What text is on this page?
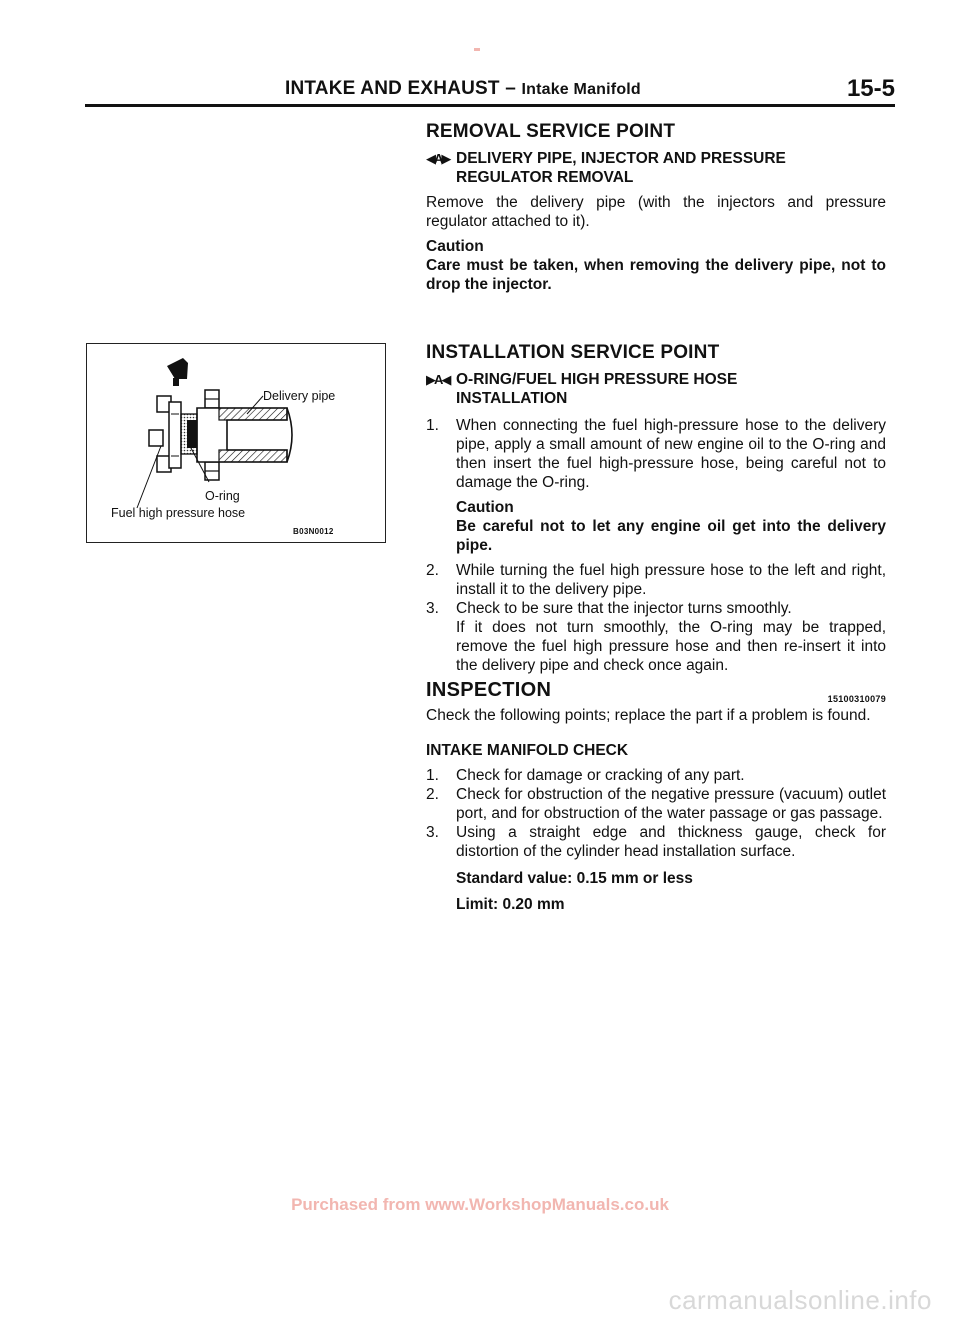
INTAKE AND EXHAUST – Intake Manifold	15-5
REMOVAL SERVICE POINT
◀A▶ DELIVERY PIPE, INJECTOR AND PRESSURE
REGULATOR REMOVAL
Remove the delivery pipe (with the injectors and pressure regulator attached to it).
Caution
Care must be taken, when removing the delivery pipe, not to drop the injector.
Delivery pipe
O-ring
Fuel high pressure hose
B03N0012
INSTALLATION SERVICE POINT
▶A◀ O-RING/FUEL HIGH PRESSURE HOSE
INSTALLATION
1.	When connecting the fuel high-pressure hose to the delivery pipe, apply a small amount of new engine oil to the O-ring and then insert the fuel high-pressure hose, being careful not to damage the O-ring.
Caution
Be careful not to let any engine oil get into the delivery pipe.
2.	While turning the fuel high pressure hose to the left and right, install it to the delivery pipe.
3.	Check to be sure that the injector turns smoothly.
If it does not turn smoothly, the O-ring may be trapped, remove the fuel high pressure hose and then re-insert it into the delivery pipe and check once again.
INSPECTION	15100310079
Check the following points; replace the part if a problem is found.
INTAKE MANIFOLD CHECK
1.	Check for damage or cracking of any part.
2.	Check for obstruction of the negative pressure (vacuum) outlet port, and for obstruction of the water passage or gas passage.
3.	Using a straight edge and thickness gauge, check for distortion of the cylinder head installation surface.
Standard value: 0.15 mm or less
Limit: 0.20 mm
Purchased from www.WorkshopManuals.co.uk
carmanualsonline.info
